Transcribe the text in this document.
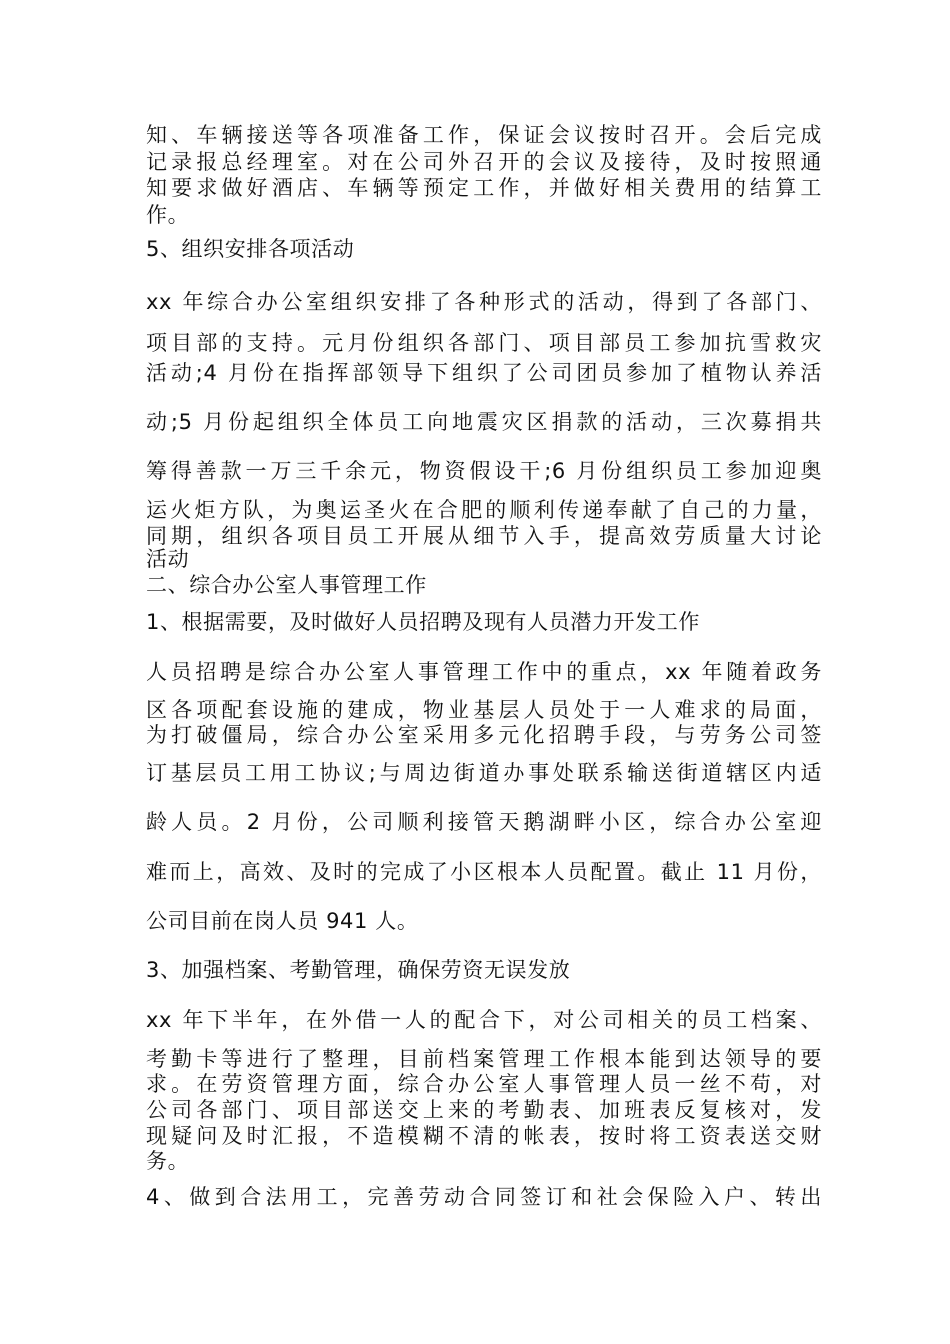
知、车辆接送等各项准备工作，保证会议按时召开。会后完成
记录报总经理室。对在公司外召开的会议及接待，及时按照通
知要求做好酒店、车辆等预定工作，并做好相关费用的结算工
作。
5、组织安排各项活动
xx 年综合办公室组织安排了各种形式的活动，得到了各部门、
项目部的支持。元月份组织各部门、项目部员工参加抗雪救灾
活动;4 月份在指挥部领导下组织了公司团员参加了植物认养活
动;5 月份起组织全体员工向地震灾区捐款的活动，三次募捐共
筹得善款一万三千余元，物资假设干;6 月份组织员工参加迎奥
运火炬方队，为奥运圣火在合肥的顺利传递奉献了自己的力量，
同期，组织各项目员工开展从细节入手，提高效劳质量大讨论
活动
二、综合办公室人事管理工作
1、根据需要，及时做好人员招聘及现有人员潜力开发工作
人员招聘是综合办公室人事管理工作中的重点，xx 年随着政务
区各项配套设施的建成，物业基层人员处于一人难求的局面，
为打破僵局，综合办公室采用多元化招聘手段，与劳务公司签
订基层员工用工协议;与周边街道办事处联系输送街道辖区内适
龄人员。2 月份，公司顺利接管天鹅湖畔小区，综合办公室迎
难而上，高效、及时的完成了小区根本人员配置。截止 11 月份，
公司目前在岗人员 941 人。
3、加强档案、考勤管理，确保劳资无误发放
xx 年下半年，在外借一人的配合下，对公司相关的员工档案、
考勤卡等进行了整理，目前档案管理工作根本能到达领导的要
求。在劳资管理方面，综合办公室人事管理人员一丝不苟，对
公司各部门、项目部送交上来的考勤表、加班表反复核对，发
现疑问及时汇报，不造模糊不清的帐表，按时将工资表送交财
务。
4、做到合法用工，完善劳动合同签订和社会保险入户、转出
